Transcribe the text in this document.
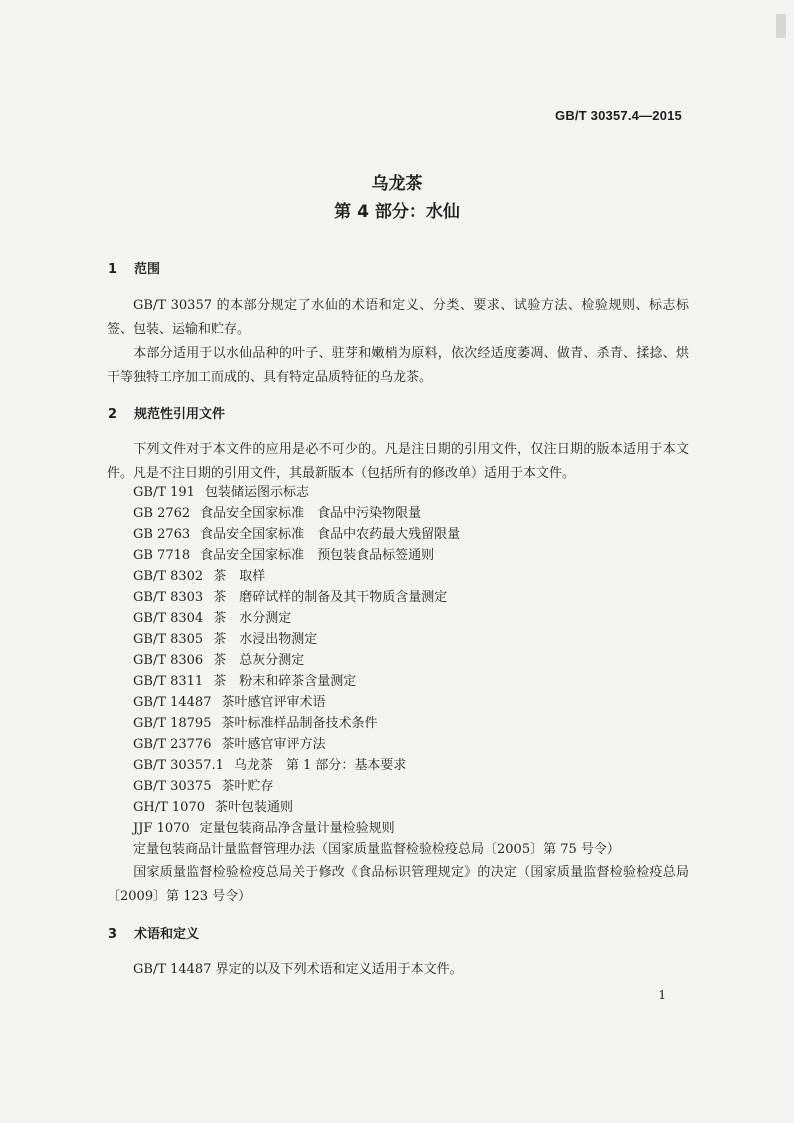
GB/T 30357.4—2015
乌龙茶
第 4 部分：水仙
1 范围
GB/T 30357 的本部分规定了水仙的术语和定义、分类、要求、试验方法、检验规则、标志标签、包装、运输和贮存。
本部分适用于以水仙品种的叶子、驻芽和嫩梢为原料，依次经适度萎凋、做青、杀青、揉捻、烘干等独特工序加工而成的、具有特定品质特征的乌龙茶。
2 规范性引用文件
下列文件对于本文件的应用是必不可少的。凡是注日期的引用文件，仅注日期的版本适用于本文件。凡是不注日期的引用文件，其最新版本（包括所有的修改单）适用于本文件。
GB/T 191 包装储运图示标志
GB 2762 食品安全国家标准　食品中污染物限量
GB 2763 食品安全国家标准　食品中农药最大残留限量
GB 7718 食品安全国家标准　预包装食品标签通则
GB/T 8302 茶　取样
GB/T 8303 茶　磨碎试样的制备及其干物质含量测定
GB/T 8304 茶　水分测定
GB/T 8305 茶　水浸出物测定
GB/T 8306 茶　总灰分测定
GB/T 8311 茶　粉末和碎茶含量测定
GB/T 14487 茶叶感官评审术语
GB/T 18795 茶叶标准样品制备技术条件
GB/T 23776 茶叶感官审评方法
GB/T 30357.1 乌龙茶　第 1 部分：基本要求
GB/T 30375 茶叶贮存
GH/T 1070 茶叶包装通则
JJF 1070 定量包装商品净含量计量检验规则
定量包装商品计量监督管理办法（国家质量监督检验检疫总局〔2005〕第 75 号令）
国家质量监督检验检疫总局关于修改《食品标识管理规定》的决定（国家质量监督检验检疫总局〔2009〕第 123 号令）
3 术语和定义
GB/T 14487 界定的以及下列术语和定义适用于本文件。
1
